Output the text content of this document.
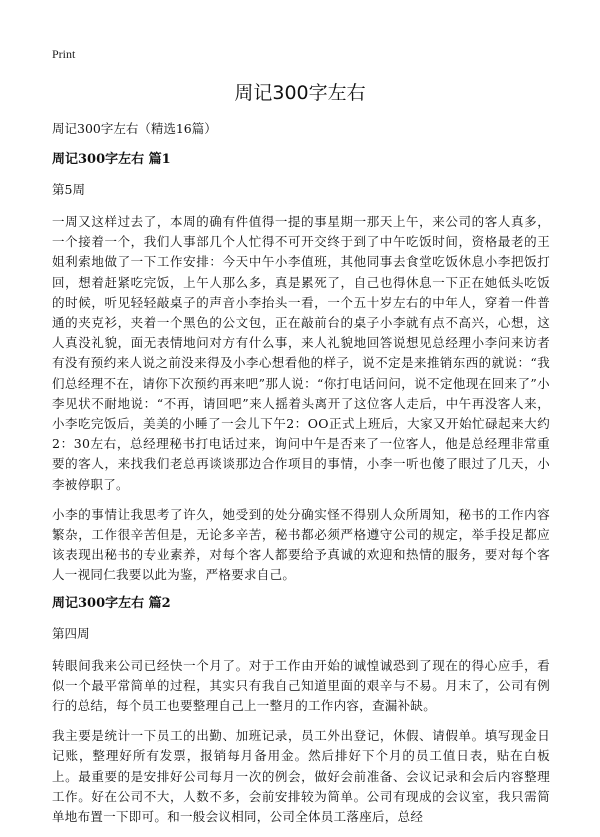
Print
周记300字左右

周记300字左右（精选16篇）

周记300字左右 篇1

第5周

一周又这样过去了，本周的确有件值得一提的事星期一那天上午，来公司的客人真多，一个接着一个，我们人事部几个人忙得不可开交终于到了中午吃饭时间，资格最老的王姐利索地做了一下工作安排：今天中午小李值班，其他同事去食堂吃饭休息小李把饭打回，想着赶紧吃完饭，上午人那么多，真是累死了，自己也得休息一下正在她低头吃饭的时候，听见轻轻敲桌子的声音小李抬头一看，一个五十岁左右的中年人，穿着一件普通的夹克衫，夹着一个黑色的公文包，正在敲前台的桌子小李就有点不高兴，心想，这人真没礼貌，面无表情地问对方有什么事，来人礼貌地回答说想见总经理小李问来访者有没有预约来人说之前没来得及小李心想看他的样子，说不定是来推销东西的就说：“我们总经理不在，请你下次预约再来吧”那人说：“你打电话问问，说不定他现在回来了”小李见状不耐地说：“不再，请回吧”来人摇着头离开了这位客人走后，中午再没客人来，小李吃完饭后，美美的小睡了一会儿下午2：OO正式上班后，大家又开始忙碌起来大约2：30左右，总经理秘书打电话过来，询问中午是否来了一位客人，他是总经理非常重要的客人，来找我们老总再谈谈那边合作项目的事情，小李一听也傻了眼过了几天，小李被停职了。

小李的事情让我思考了许久，她受到的处分确实怪不得别人众所周知，秘书的工作内容繁杂，工作很辛苦但是，无论多辛苦，秘书都必须严格遵守公司的规定，举手投足都应该表现出秘书的专业素养，对每个客人都要给予真诚的欢迎和热情的服务，要对每个客人一视同仁我要以此为鉴，严格要求自己。

周记300字左右 篇2

第四周

转眼间我来公司已经快一个月了。对于工作由开始的诚惶诚恐到了现在的得心应手，看似一个最平常简单的过程，其实只有我自己知道里面的艰辛与不易。月末了，公司有例行的总结，每个员工也要整理自己上一整月的工作内容，查漏补缺。

我主要是统计一下员工的出勤、加班记录，员工外出登记，休假、请假单。填写现金日记账，整理好所有发票，报销每月备用金。然后排好下个月的员工值日表，贴在白板上。最重要的是安排好公司每月一次的例会，做好会前准备、会议记录和会后内容整理工作。好在公司不大，人数不多，会前安排较为简单。公司有现成的会议室，我只需简单地布置一下即可。和一般会议相同，公司全体员工落座后，总经
